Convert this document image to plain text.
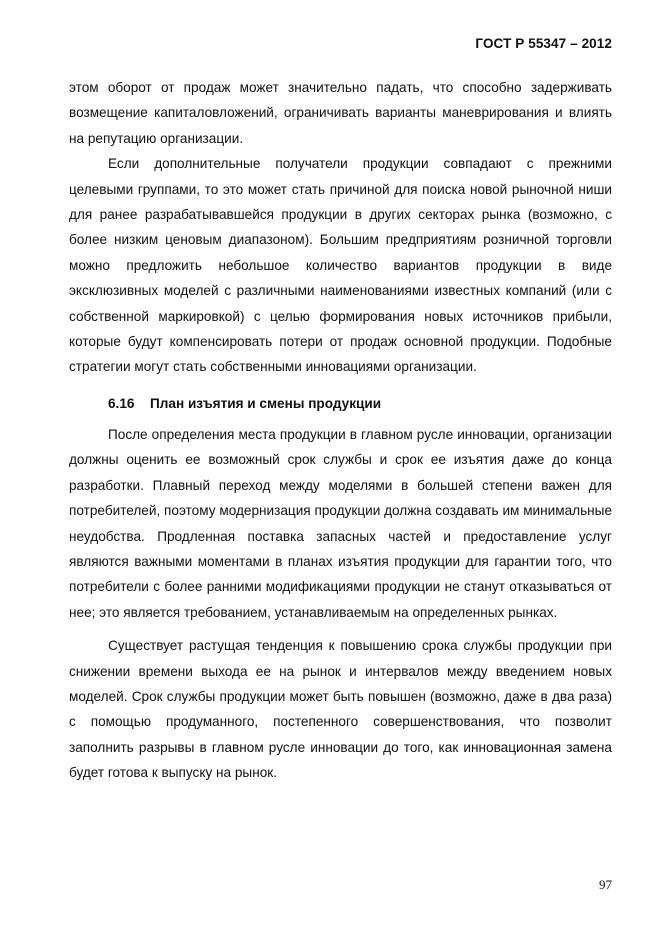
ГОСТ Р 55347 – 2012

этом оборот от продаж может значительно падать, что способно задерживать возмещение капиталовложений, ограничивать варианты маневрирования и влиять на репутацию организации.

Если дополнительные получатели продукции совпадают с прежними целевыми группами, то это может стать причиной для поиска новой рыночной ниши для ранее разрабатывавшейся продукции в других секторах рынка (возможно, с более низким ценовым диапазоном). Большим предприятиям розничной торговли можно предложить небольшое количество вариантов продукции в виде эксклюзивных моделей с различными наименованиями известных компаний (или с собственной маркировкой) с целью формирования новых источников прибыли, которые будут компенсировать потери от продаж основной продукции. Подобные стратегии могут стать собственными инновациями организации.

6.16 План изъятия и смены продукции

После определения места продукции в главном русле инновации, организации должны оценить ее возможный срок службы и срок ее изъятия даже до конца разработки. Плавный переход между моделями в большей степени важен для потребителей, поэтому модернизация продукции должна создавать им минимальные неудобства. Продленная поставка запасных частей и предоставление услуг являются важными моментами в планах изъятия продукции для гарантии того, что потребители с более ранними модификациями продукции не станут отказываться от нее; это является требованием, устанавливаемым на определенных рынках.

Существует растущая тенденция к повышению срока службы продукции при снижении времени выхода ее на рынок и интервалов между введением новых моделей. Срок службы продукции может быть повышен (возможно, даже в два раза) с помощью продуманного, постепенного совершенствования, что позволит заполнить разрывы в главном русле инновации до того, как инновационная замена будет готова к выпуску на рынок.

97
